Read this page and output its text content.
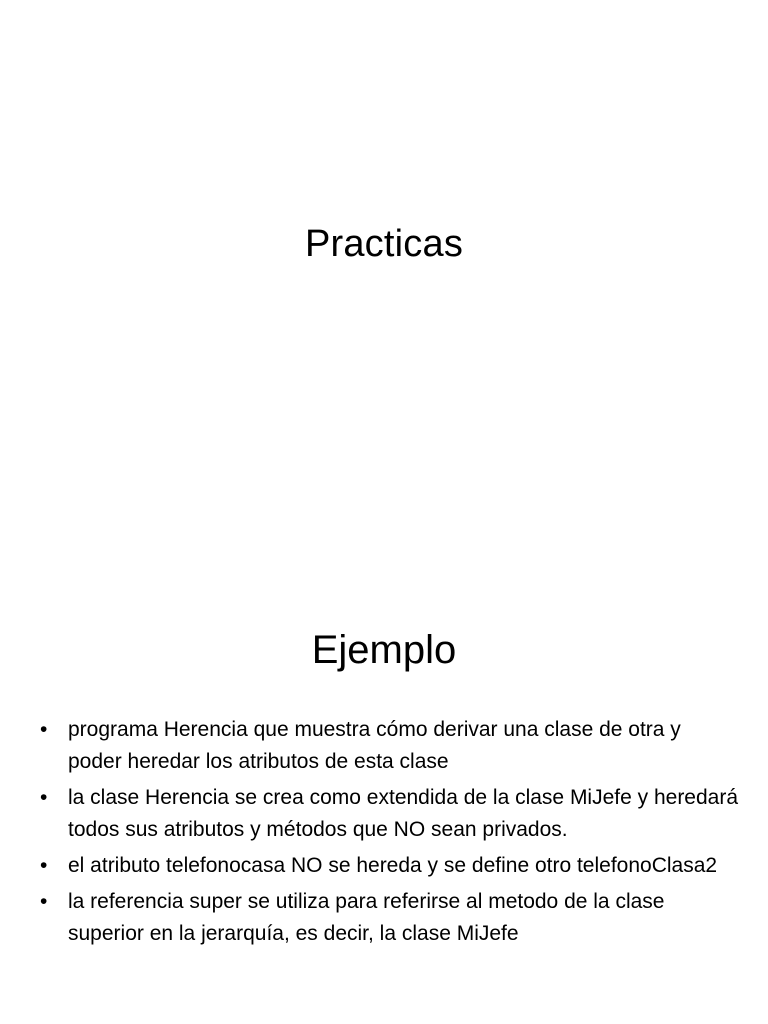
Practicas
Ejemplo
• programa Herencia que muestra cómo derivar una clase de otra y poder heredar los atributos de esta clase
• la clase Herencia se crea como extendida de la clase MiJefe y heredará todos sus atributos y métodos que NO sean privados.
• el atributo telefonocasa NO se hereda y se define otro telefonoClasa2
• la referencia super se utiliza para referirse al metodo de la clase superior en la jerarquía, es decir, la clase MiJefe
